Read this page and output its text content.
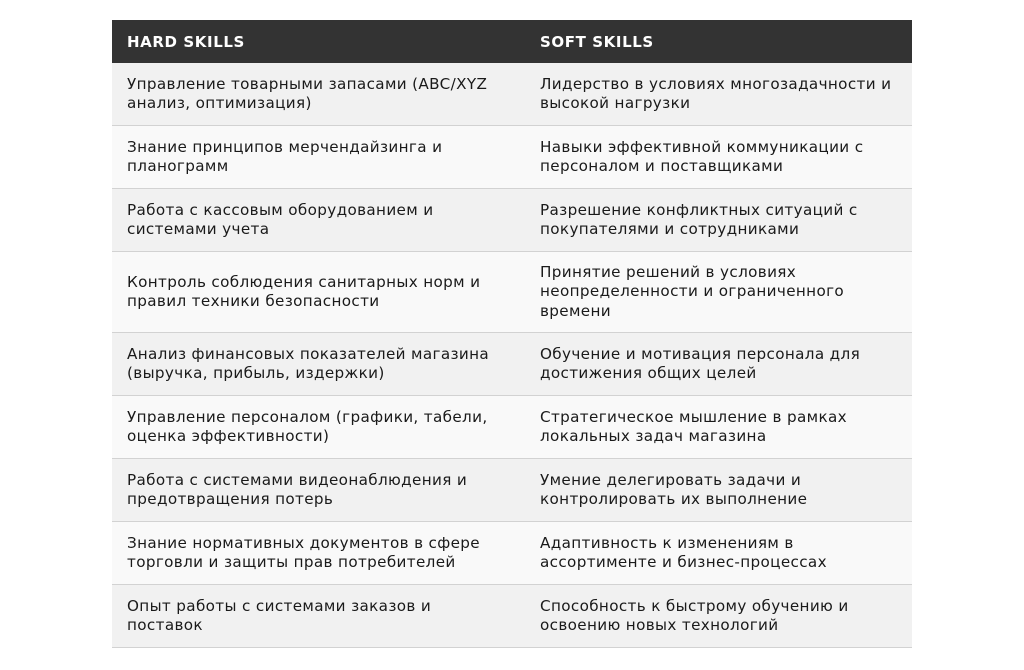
HARD SKILLS	SOFT SKILLS
Управление товарными запасами (ABC/XYZ анализ, оптимизация)	Лидерство в условиях многозадачности и высокой нагрузки
Знание принципов мерчендайзинга и планограмм	Навыки эффективной коммуникации с персоналом и поставщиками
Работа с кассовым оборудованием и системами учета	Разрешение конфликтных ситуаций с покупателями и сотрудниками
Контроль соблюдения санитарных норм и правил техники безопасности	Принятие решений в условиях неопределенности и ограниченного времени
Анализ финансовых показателей магазина (выручка, прибыль, издержки)	Обучение и мотивация персонала для достижения общих целей
Управление персоналом (графики, табели, оценка эффективности)	Стратегическое мышление в рамках локальных задач магазина
Работа с системами видеонаблюдения и предотвращения потерь	Умение делегировать задачи и контролировать их выполнение
Знание нормативных документов в сфере торговли и защиты прав потребителей	Адаптивность к изменениям в ассортименте и бизнес-процессах
Опыт работы с системами заказов и поставок	Способность к быстрому обучению и освоению новых технологий
